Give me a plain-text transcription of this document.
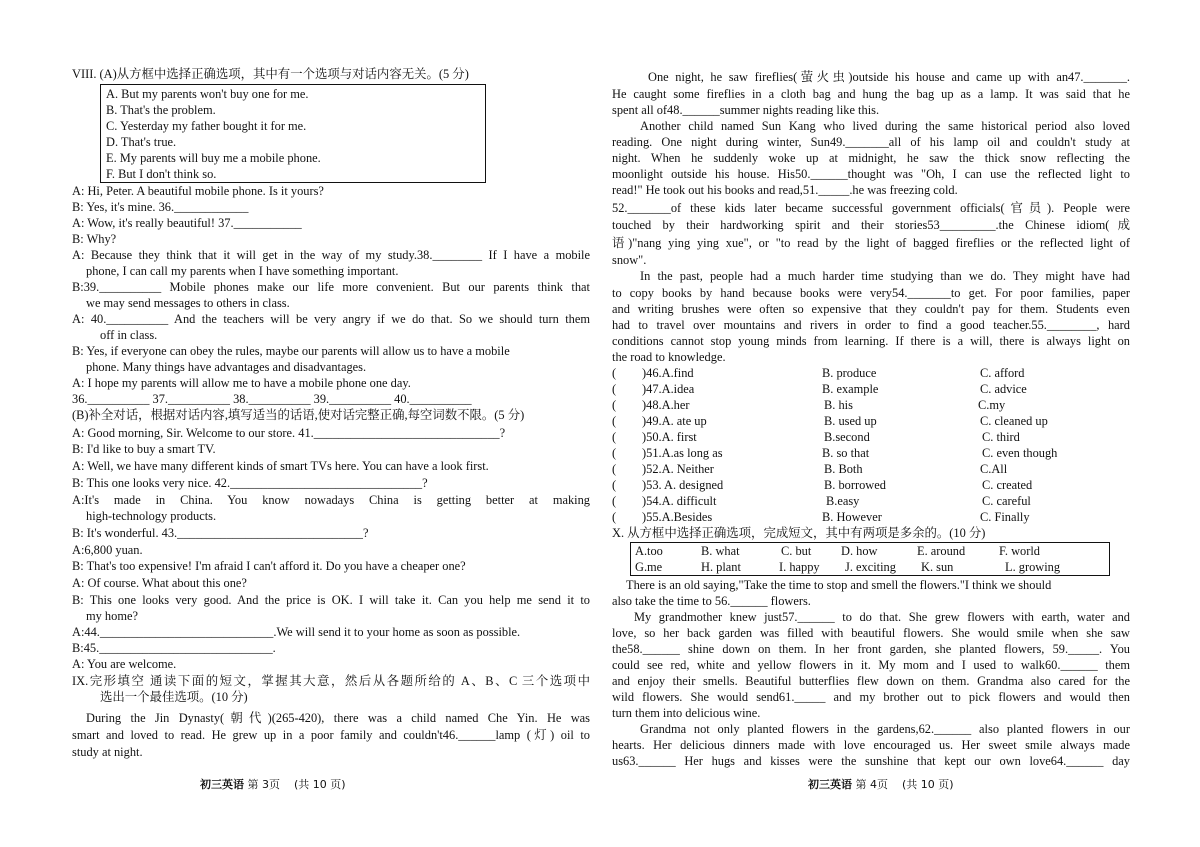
VIII. (A)从方框中选择正确选项，其中有一个选项与对话内容无关。(5 分)
A. But my parents won't buy one for me.
B. That's the problem.
C. Yesterday my father bought it for me.
D. That's true.
E. My parents will buy me a mobile phone.
F. But I don't think so.
A: Hi, Peter. A beautiful mobile phone. Is it yours?
B: Yes, it's mine. 36.____________
A: Wow, it's really beautiful! 37.___________
B: Why?
A: Because they think that it will get in the way of my study.38.________ If I have a mobile
phone, I can call my parents when I have something important.
B:39.__________ Mobile phones make our life more convenient. But our parents think that
we may send messages to others in class.
A: 40.__________ And the teachers will be very angry if we do that. So we should turn them
off in class.
B: Yes, if everyone can obey the rules, maybe our parents will allow us to have a mobile
phone. Many things have advantages and disadvantages.
A: I hope my parents will allow me to have a mobile phone one day.
36.__________ 37.__________ 38.__________ 39.__________ 40.__________
(B)补全对话，根据对话内容,填写适当的话语,使对话完整正确,每空词数不限。(5 分)
A: Good morning, Sir. Welcome to our store. 41.______________________________?
B: I'd like to buy a smart TV.
A: Well, we have many different kinds of smart TVs here. You can have a look first.
B: This one looks very nice. 42._______________________________?
A:It's made in China. You know nowadays China is getting better at making
high-technology products.
B: It's wonderful. 43.______________________________?
A:6,800 yuan.
B: That's too expensive! I'm afraid I can't afford it. Do you have a cheaper one?
A: Of course. What about this one?
B: This one looks very good. And the price is OK. I will take it. Can you help me send it to
my home?
A:44.____________________________.We will send it to your home as soon as possible.
B:45.____________________________.
A: You are welcome.
IX.完形填空 通读下面的短文，掌握其大意，然后从各题所给的 A、B、C 三个选项中
选出一个最佳选项。(10 分)
During the Jin Dynasty(朝代)(265-420), there was a child named Che Yin. He was
smart and loved to read. He grew up in a poor family and couldn't46.______lamp (灯) oil to
study at night.
初三英语 第 3页 (共 10 页)
One night, he saw fireflies(萤火虫)outside his house and came up with an47._______.
He caught some fireflies in a cloth bag and hung the bag up as a lamp. It was said that he
spent all of48.______summer nights reading like this.
Another child named Sun Kang who lived during the same historical period also loved
reading. One night during winter, Sun49._______all of his lamp oil and couldn't study at
night. When he suddenly woke up at midnight, he saw the thick snow reflecting the
moonlight outside his house. His50.______thought was "Oh, I can use the reflected light to
read!" He took out his books and read,51._____.he was freezing cold.
52._______of these kids later became successful government officials(官员). People were
touched by their hardworking spirit and their stories53_________.the Chinese idiom(成
语)"nang ying ying xue", or "to read by the light of bagged fireflies or the reflected light of
snow".
In the past, people had a much harder time studying than we do. They might have had
to copy books by hand because books were very54._______to get. For poor families, paper
and writing brushes were often so expensive that they couldn't pay for them. Students even
had to travel over mountains and rivers in order to find a good teacher.55.________, hard
conditions cannot stop young minds from learning. If there is a will, there is always light on
the road to knowledge.
( )46.A.find	B. produce	C. afford
( )47.A.idea	B. example	C. advice
( )48.A.her	B. his	C.my
( )49.A. ate up	B. used up	C. cleaned up
( )50.A. first	B.second	C. third
( )51.A.as long as	B. so that	C. even though
( )52.A. Neither	B. Both	C.All
( )53. A. designed	B. borrowed	C. created
( )54.A. difficult	B.easy	C. careful
( )55.A.Besides	B. However	C. Finally
X. 从方框中选择正确选项，完成短文，其中有两项是多余的。(10 分)
A.too	B. what	C. but D. how	E. around	F. world
G.me	H. plant	I. happy J. exciting K. sun	L. growing
There is an old saying,"Take the time to stop and smell the flowers."I think we should
also take the time to 56.______ flowers.
My grandmother knew just57.______ to do that. She grew flowers with earth, water and
love, so her back garden was filled with beautiful flowers. She would smile when she saw
the58.______ shine down on them. In her front garden, she planted flowers, 59._____. You
could see red, white and yellow flowers in it. My mom and I used to walk60.______ them
and enjoy their smells. Beautiful butterflies flew down on them. Grandma also cared for the
wild flowers. She would send61._____ and my brother out to pick flowers and would then
turn them into delicious wine.
Grandma not only planted flowers in the gardens,62.______ also planted flowers in our
hearts. Her delicious dinners made with love encouraged us. Her sweet smile always made
us63.______ Her hugs and kisses were the sunshine that kept our own love64.______ day
初三英语 第 4页 (共 10 页)
